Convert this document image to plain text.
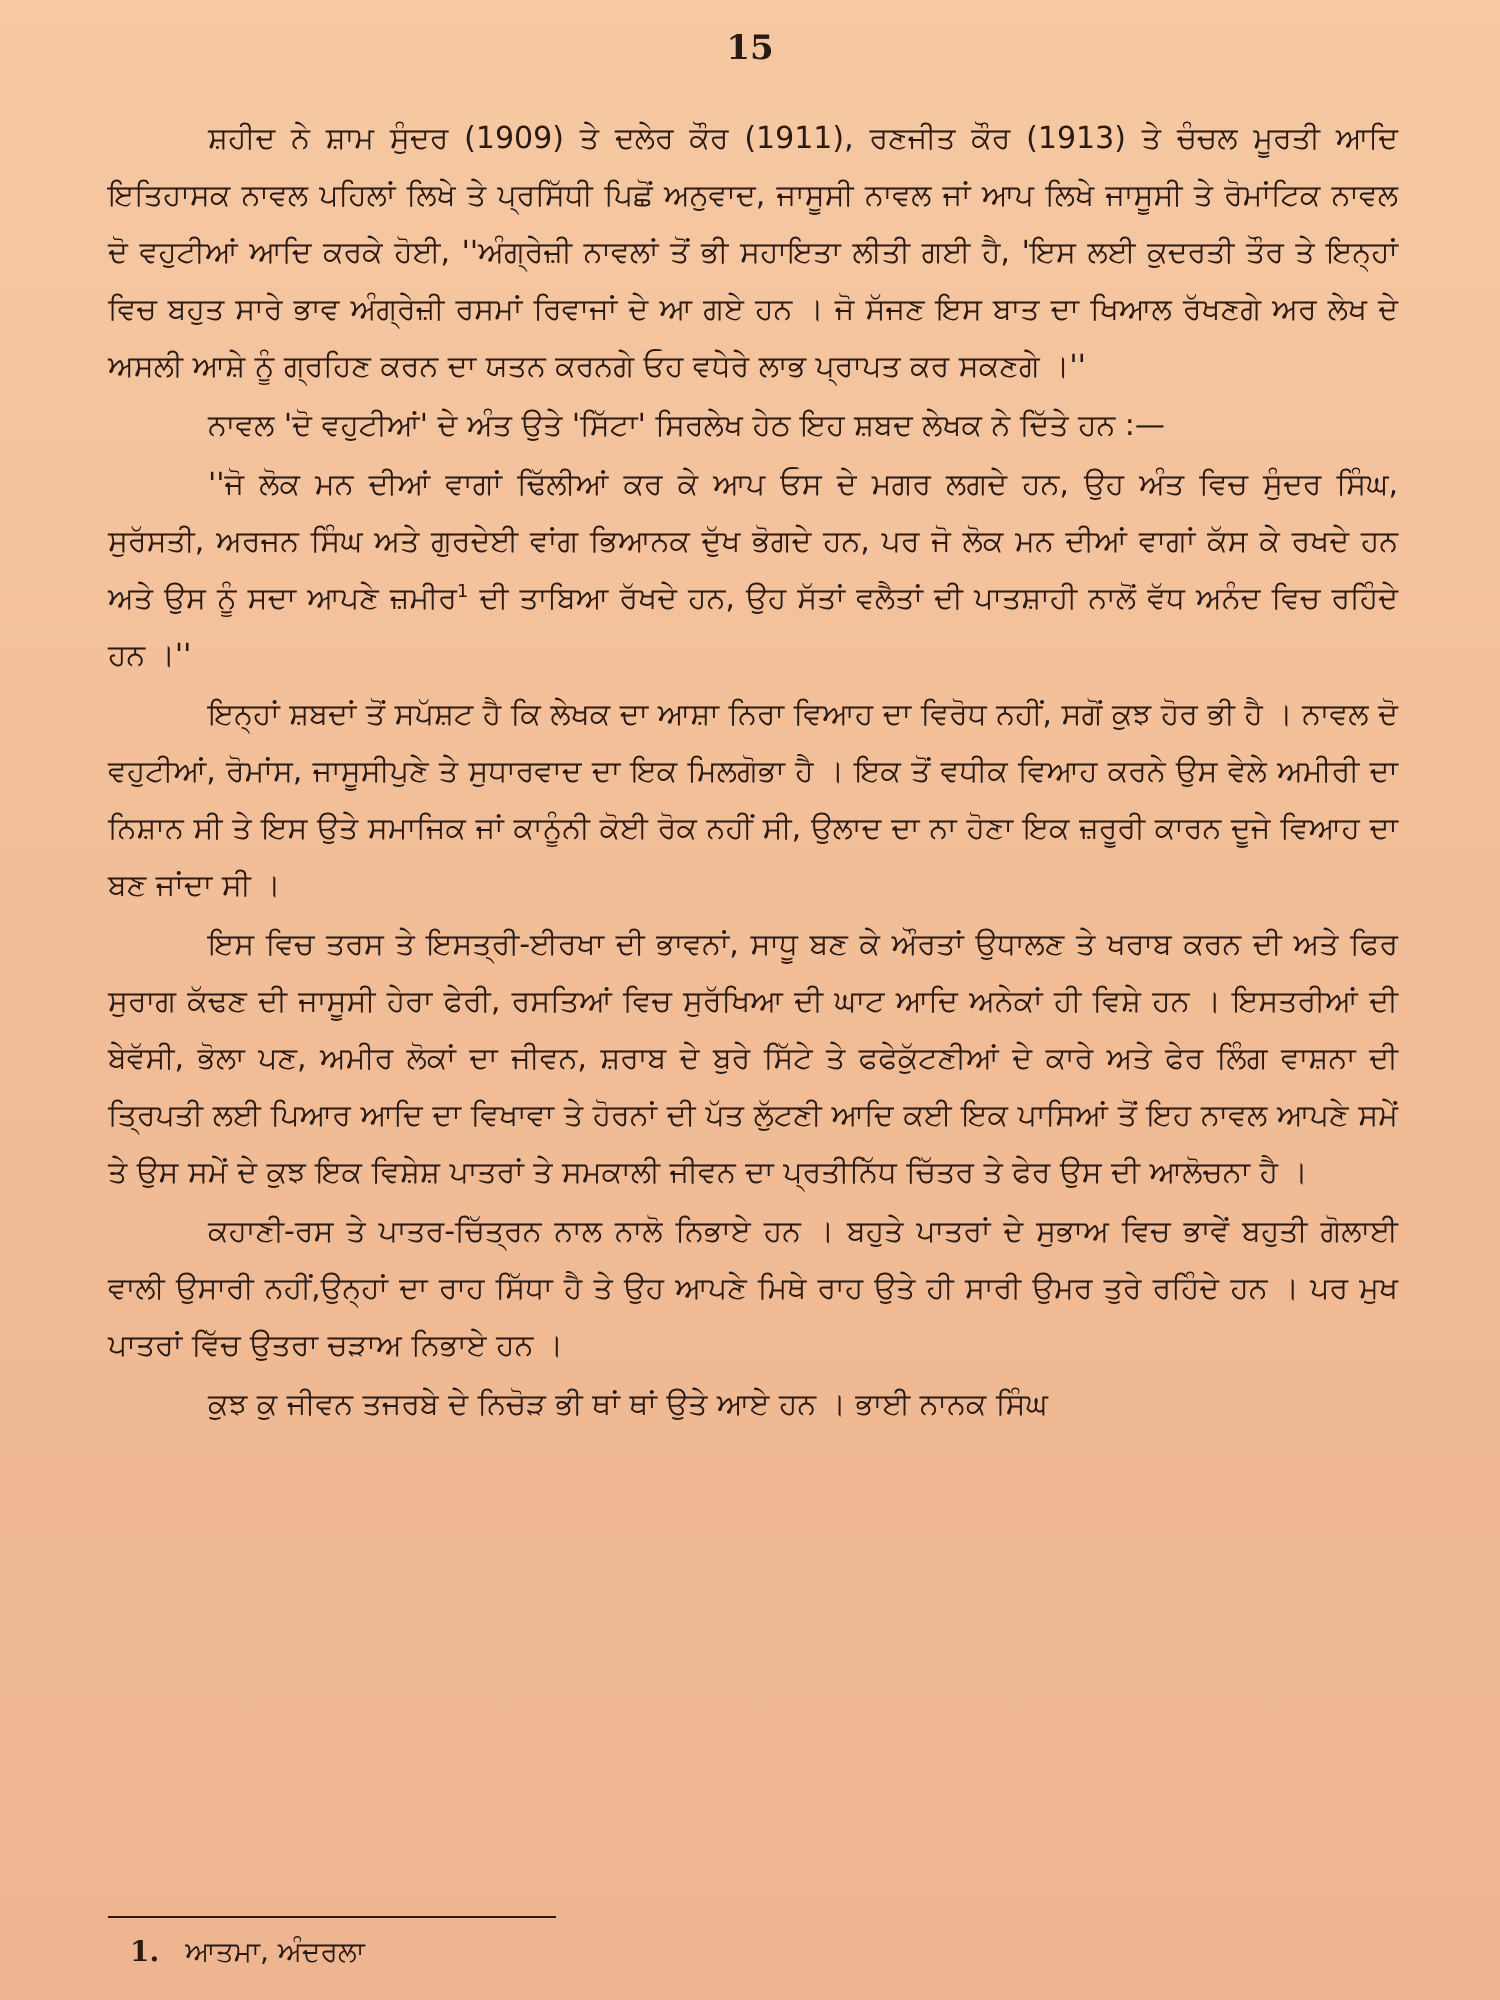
15

ਸ਼ਹੀਦ ਨੇ ਸ਼ਾਮ ਸੁੰਦਰ (1909) ਤੇ ਦਲੇਰ ਕੌਰ (1911), ਰਣਜੀਤ ਕੌਰ (1913) ਤੇ ਚੰਚਲ ਮੂਰਤੀ ਆਦਿ ਇਤਿਹਾਸਕ ਨਾਵਲ ਪਹਿਲਾਂ ਲਿਖੇ ਤੇ ਪ੍ਰਸਿੱਧੀ ਪਿਛੋਂ ਅਨੁਵਾਦ, ਜਾਸੂਸੀ ਨਾਵਲ ਜਾਂ ਆਪ ਲਿਖੇ ਜਾਸੂਸੀ ਤੇ ਰੋਮਾਂਟਿਕ ਨਾਵਲ ਦੋ ਵਹੁਟੀਆਂ ਆਦਿ ਕਰਕੇ ਹੋਈ, ''ਅੰਗ੍ਰੇਜ਼ੀ ਨਾਵਲਾਂ ਤੋਂ ਭੀ ਸਹਾਇਤਾ ਲੀਤੀ ਗਈ ਹੈ, 'ਇਸ ਲਈ ਕੁਦਰਤੀ ਤੌਰ ਤੇ ਇਨ੍ਹਾਂ ਵਿਚ ਬਹੁਤ ਸਾਰੇ ਭਾਵ ਅੰਗ੍ਰੇਜ਼ੀ ਰਸਮਾਂ ਰਿਵਾਜਾਂ ਦੇ ਆ ਗਏ ਹਨ । ਜੋ ਸੱਜਣ ਇਸ ਬਾਤ ਦਾ ਖਿਆਲ ਰੱਖਣਗੇ ਅਰ ਲੇਖ ਦੇ ਅਸਲੀ ਆਸ਼ੇ ਨੂੰ ਗ੍ਰਹਿਣ ਕਰਨ ਦਾ ਯਤਨ ਕਰਨਗੇ ਓਹ ਵਧੇਰੇ ਲਾਭ ਪ੍ਰਾਪਤ ਕਰ ਸਕਣਗੇ ।''

ਨਾਵਲ 'ਦੋ ਵਹੁਟੀਆਂ' ਦੇ ਅੰਤ ਉਤੇ 'ਸਿੱਟਾ' ਸਿਰਲੇਖ ਹੇਠ ਇਹ ਸ਼ਬਦ ਲੇਖਕ ਨੇ ਦਿੱਤੇ ਹਨ :—

''ਜੋ ਲੋਕ ਮਨ ਦੀਆਂ ਵਾਗਾਂ ਢਿੱਲੀਆਂ ਕਰ ਕੇ ਆਪ ਓਸ ਦੇ ਮਗਰ ਲਗਦੇ ਹਨ, ਉਹ ਅੰਤ ਵਿਚ ਸੁੰਦਰ ਸਿੰਘ, ਸੁਰੱਸਤੀ, ਅਰਜਨ ਸਿੰਘ ਅਤੇ ਗੁਰਦੇਈ ਵਾਂਗ ਭਿਆਨਕ ਦੁੱਖ ਭੋਗਦੇ ਹਨ, ਪਰ ਜੋ ਲੋਕ ਮਨ ਦੀਆਂ ਵਾਗਾਂ ਕੱਸ ਕੇ ਰਖਦੇ ਹਨ ਅਤੇ ਉਸ ਨੂੰ ਸਦਾ ਆਪਣੇ ਜ਼ਮੀਰ$^1$ ਦੀ ਤਾਬਿਆ ਰੱਖਦੇ ਹਨ, ਉਹ ਸੱਤਾਂ ਵਲੈਤਾਂ ਦੀ ਪਾਤਸ਼ਾਹੀ ਨਾਲੋਂ ਵੱਧ ਅਨੰਦ ਵਿਚ ਰਹਿੰਦੇ ਹਨ ।''

ਇਨ੍ਹਾਂ ਸ਼ਬਦਾਂ ਤੋਂ ਸਪੱਸ਼ਟ ਹੈ ਕਿ ਲੇਖਕ ਦਾ ਆਸ਼ਾ ਨਿਰਾ ਵਿਆਹ ਦਾ ਵਿਰੋਧ ਨਹੀਂ, ਸਗੋਂ ਕੁਝ ਹੋਰ ਭੀ ਹੈ । ਨਾਵਲ ਦੋ ਵਹੁਟੀਆਂ, ਰੋਮਾਂਸ, ਜਾਸੂਸੀਪੁਣੇ ਤੇ ਸੁਧਾਰਵਾਦ ਦਾ ਇਕ ਮਿਲਗੋਭਾ ਹੈ । ਇਕ ਤੋਂ ਵਧੀਕ ਵਿਆਹ ਕਰਨੇ ਉਸ ਵੇਲੇ ਅਮੀਰੀ ਦਾ ਨਿਸ਼ਾਨ ਸੀ ਤੇ ਇਸ ਉਤੇ ਸਮਾਜਿਕ ਜਾਂ ਕਾਨੂੰਨੀ ਕੋਈ ਰੋਕ ਨਹੀਂ ਸੀ, ਉਲਾਦ ਦਾ ਨਾ ਹੋਣਾ ਇਕ ਜ਼ਰੂਰੀ ਕਾਰਨ ਦੂਜੇ ਵਿਆਹ ਦਾ ਬਣ ਜਾਂਦਾ ਸੀ ।

ਇਸ ਵਿਚ ਤਰਸ ਤੇ ਇਸਤ੍ਰੀ-ਈਰਖਾ ਦੀ ਭਾਵਨਾਂ, ਸਾਧੂ ਬਣ ਕੇ ਔਰਤਾਂ ਉਧਾਲਣ ਤੇ ਖਰਾਬ ਕਰਨ ਦੀ ਅਤੇ ਫਿਰ ਸੁਰਾਗ ਕੱਢਣ ਦੀ ਜਾਸੂਸੀ ਹੇਰਾ ਫੇਰੀ, ਰਸਤਿਆਂ ਵਿਚ ਸੁਰੱਖਿਆ ਦੀ ਘਾਟ ਆਦਿ ਅਨੇਕਾਂ ਹੀ ਵਿਸ਼ੇ ਹਨ । ਇਸਤਰੀਆਂ ਦੀ ਬੇਵੱਸੀ, ਭੋਲਾ ਪਣ, ਅਮੀਰ ਲੋਕਾਂ ਦਾ ਜੀਵਨ, ਸ਼ਰਾਬ ਦੇ ਬੁਰੇ ਸਿੱਟੇ ਤੇ ਫਫੇਕੁੱਟਣੀਆਂ ਦੇ ਕਾਰੇ ਅਤੇ ਫੇਰ ਲਿੰਗ ਵਾਸ਼ਨਾ ਦੀ ਤ੍ਰਿਪਤੀ ਲਈ ਪਿਆਰ ਆਦਿ ਦਾ ਵਿਖਾਵਾ ਤੇ ਹੋਰਨਾਂ ਦੀ ਪੱਤ ਲੁੱਟਣੀ ਆਦਿ ਕਈ ਇਕ ਪਾਸਿਆਂ ਤੋਂ ਇਹ ਨਾਵਲ ਆਪਣੇ ਸਮੇਂ ਤੇ ਉਸ ਸਮੇਂ ਦੇ ਕੁਝ ਇਕ ਵਿਸ਼ੇਸ਼ ਪਾਤਰਾਂ ਤੇ ਸਮਕਾਲੀ ਜੀਵਨ ਦਾ ਪ੍ਰਤੀਨਿੱਧ ਚਿੱਤਰ ਤੇ ਫੇਰ ਉਸ ਦੀ ਆਲੋਚਨਾ ਹੈ ।

ਕਹਾਣੀ-ਰਸ ਤੇ ਪਾਤਰ-ਚਿੱਤ੍ਰਨ ਨਾਲ ਨਾਲੋ ਨਿਭਾਏ ਹਨ । ਬਹੁਤੇ ਪਾਤਰਾਂ ਦੇ ਸੁਭਾਅ ਵਿਚ ਭਾਵੇਂ ਬਹੁਤੀ ਗੋਲਾਈ ਵਾਲੀ ਉਸਾਰੀ ਨਹੀਂ,ਉਨ੍ਹਾਂ ਦਾ ਰਾਹ ਸਿੱਧਾ ਹੈ ਤੇ ਉਹ ਆਪਣੇ ਮਿਥੇ ਰਾਹ ਉਤੇ ਹੀ ਸਾਰੀ ਉਮਰ ਤੁਰੇ ਰਹਿੰਦੇ ਹਨ । ਪਰ ਮੁਖ ਪਾਤਰਾਂ ਵਿੱਚ ਉਤਰਾ ਚੜਾਅ ਨਿਭਾਏ ਹਨ ।

ਕੁਝ ਕੁ ਜੀਵਨ ਤਜਰਬੇ ਦੇ ਨਿਚੋੜ ਭੀ ਥਾਂ ਥਾਂ ਉਤੇ ਆਏ ਹਨ । ਭਾਈ ਨਾਨਕ ਸਿੰਘ

1. ਆਤਮਾ, ਅੰਦਰਲਾ
